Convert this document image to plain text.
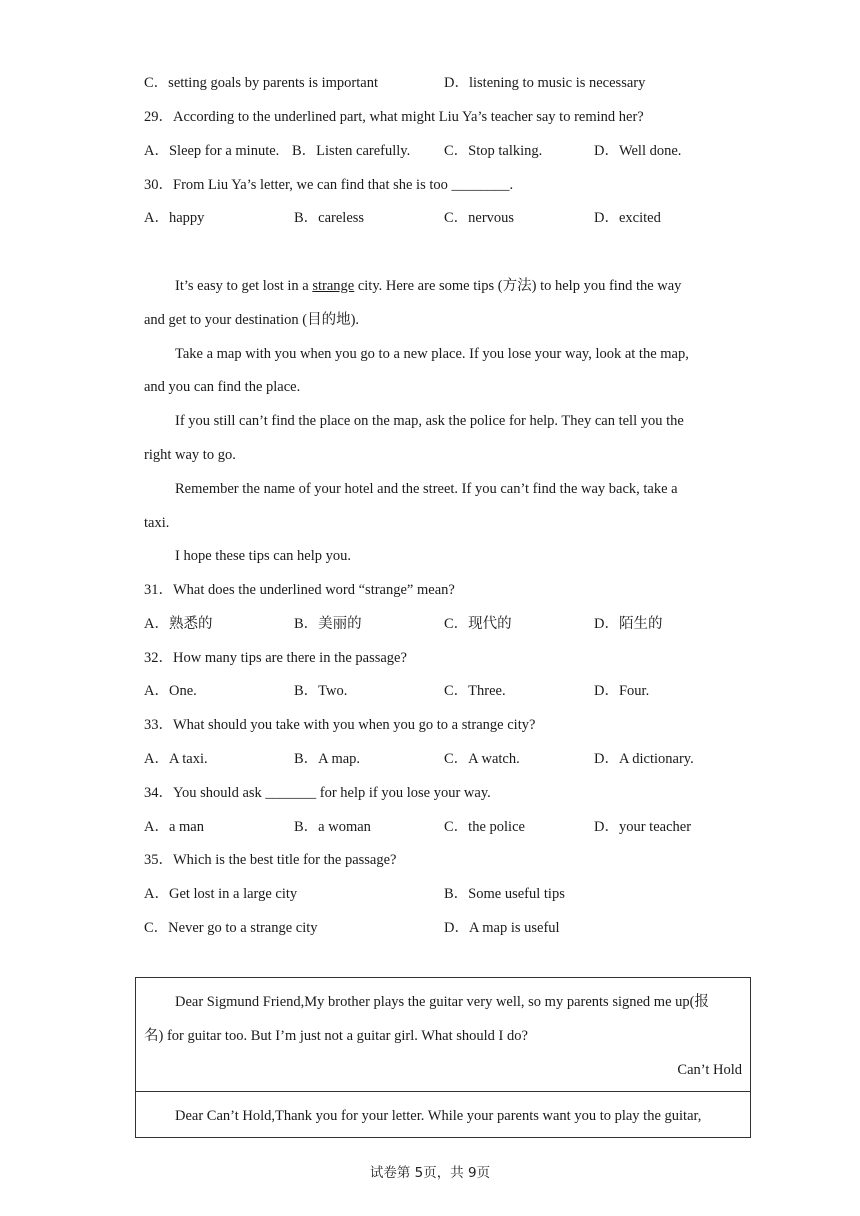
C．setting goals by parents is important	D．listening to music is necessary
29．According to the underlined part, what might Liu Ya’s teacher say to remind her?
A．Sleep for a minute. B．Listen carefully. C．Stop talking.	D．Well done.
30．From Liu Ya’s letter, we can find that she is too ________.
A．happy	B．careless	C．nervous	D．excited
It’s easy to get lost in a strange city. Here are some tips (方法) to help you find the way
and get to your destination (目的地).
Take a map with you when you go to a new place. If you lose your way, look at the map,
and you can find the place.
If you still can’t find the place on the map, ask the police for help. They can tell you the
right way to go.
Remember the name of your hotel and the street. If you can’t find the way back, take a
taxi.
I hope these tips can help you.
31．What does the underlined word “strange” mean?
A．熟悉的	B．美丽的	C．现代的	D．陌生的
32．How many tips are there in the passage?
A．One.	B．Two.	C．Three.	D．Four.
33．What should you take with you when you go to a strange city?
A．A taxi.	B．A map.	C．A watch.	D．A dictionary.
34．You should ask _______ for help if you lose your way.
A．a man	B．a woman	C．the police	D．your teacher
35．Which is the best title for the passage?
A．Get lost in a large city	B．Some useful tips
C．Never go to a strange city	D．A map is useful
Dear Sigmund Friend,My brother plays the guitar very well, so my parents signed me up(报
名) for guitar too. But I’m just not a guitar girl. What should I do?
Can’t Hold
Dear Can’t Hold,Thank you for your letter. While your parents want you to play the guitar,
试卷第 5页，共 9页
